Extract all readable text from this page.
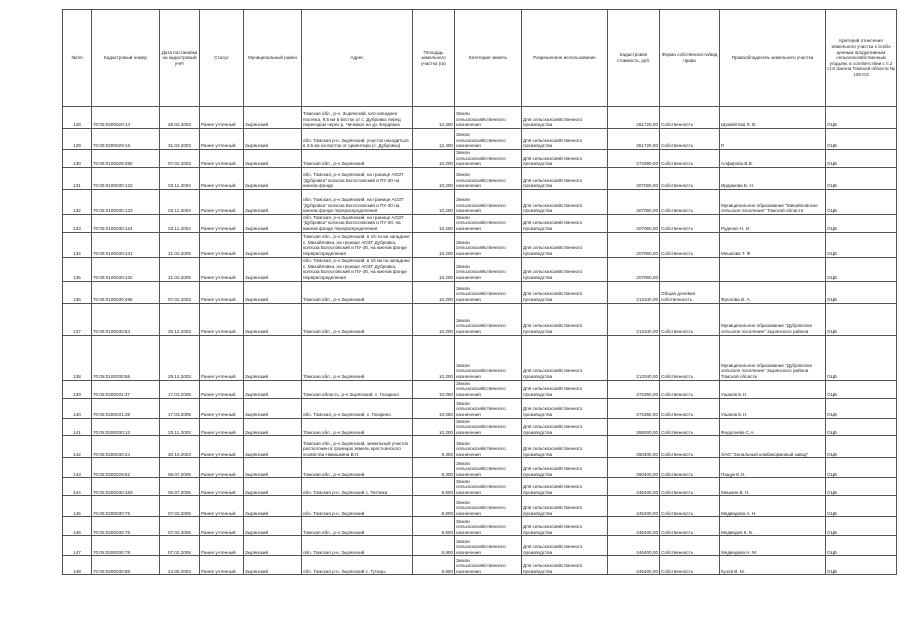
№п/п	Кадастровый номер	Дата постановки на кадастровый учёт	Статус	Муниципальный район	Адрес	Площадь земельного участка (га)	Категория земель	Разрешенное использование	Кадастровая стоимость, руб.	Форма собственности/вид права	Правообладатель земельного участка	Критерий отнесения земельного участка к особо ценным продуктивным сельскохозяйственным угодьям, в соответствии с п.2 ст.8 Закона Томской области № 135-ОЗ
128	70:05:0200020:14	28.02.2003	Ранее учтенный	Зырянский	Томская обл., р-н. Зырянский, юго-западнее поселка, 9,5 км в восток от с. Дубровка перед переездом через р. Чичкаюл на ур. Бердянка	12,400	Земли сельскохозяйственного назначения	Для сельскохозяйственного производства	251720,00	Собственность	Шумейтова Л. В.	ОЦБ
129	70:05:0200029:16	31.03.2003	Ранее учтенный	Зырянский	обл. Томская р-н. Зырянский, участок находиться в 3,5 км на восток от ориентира (с. Дубровка)	12,400	Земли сельскохозяйственного назначения	Для сельскохозяйственного производства	251720,00	Собственность	Р.	ОЦБ
130	70:05:0100028:380	07.02.2003	Ранее учтенный	Зырянский	Томская обл., р-н Зырянский	10,200	Земли сельскохозяйственного назначения	Для сельскохозяйственного производства	273390,00	Собственность	Алфирова В.В.	ОЦБ
131	70:05:0100030:122	02.11.2004	Ранее учтенный	Зырянский	обл. Томская, р-н Зырянский, на границе АОЗТ "Дубровка" колхоза Богословский и ПУ-30 на южном фонде	10,200	Земли сельскохозяйственного назначения	Для сельскохозяйственного производства	207060,00	Собственность	Ирдимова Б. Н.	ОЦБ
132	70:05:0100030:123	02.11.2004	Ранее учтенный	Зырянский	обл. Томская, р-н Зырянский, на границе АОЗТ "Дубровка" колхоза Богословский и ПУ-30 на южном фонде перераспределения	10,200	Земли сельскохозяйственного назначения	Для сельскохозяйственного производства	207060,00	Собственность	Муниципальное образование "Михайловское сельское поселение" Томской области	ОЦБ
133	70:05:0100030:124	02.11.2004	Ранее учтенный	Зырянский	обл. Томская, р-н Зырянский, на границе АОЗТ "Дубровка" колхоза Богословский и ПУ-30, на южном фонде перераспределения	10,200	Земли сельскохозяйственного назначения	Для сельскохозяйственного производства	207060,00	Собственность	Руденко Н. И.	ОЦБ
134	70:05:0100030:131	21.02.2005	Ранее учтенный	Зырянский	Томская обл., р-н Зырянский, в 10-ти км западнее с. Михайловка, на границе АОЗТ Дубровка, колхоза Богословский и ПУ-30, на южном фонде перераспределения	10,200	Земли сельскохозяйственного назначения	Для сельскохозяйственного производства	207060,00	Собственность	Мешкова Т. Ф.	ОЦБ
135	70:05:0100030:132	21.02.2005	Ранее учтенный	Зырянский	обл. Томская, р-н Зырянский, в 10 км на западнее с. Михайловка, на границе АОЗТ Дубровка, колхоза Богословский и ПУ-30, на южном фонде перераспределения	10,200	Земли сельскохозяйственного назначения	Для сельскохозяйственного производства	207060,00			ОЦБ
136	70:05:0100030:466	07.02.2003	Ранее учтенный	Зырянский	Томская обл., р-н Зырянский	10,200	Земли сельскохозяйственного назначения	Для сельскохозяйственного производства	213340,00	Общая долевая собственность	Фролова В. А.	ОЦБ
137	70:05:0100030:54	29.12.2003	Ранее учтенный	Зырянский	Томская обл., р-н Зырянский	10,200	Земли сельскохозяйственного назначения	Для сельскохозяйственного производства	213340,00	Собственность	Муниципальное образование "Дубровское сельское поселение" Зырянского района	ОЦБ
138	70:05:0100030:55	29.12.2003	Ранее учтенный	Зырянский	Томская обл., р-н Зырянский	10,200	Земли сельскохозяйственного назначения	Для сельскохозяйственного производства	213340,00	Собственность	Муниципальное образование "Дубровское сельское поселение" Зырянского района Томской области	ОЦБ
139	70:05:0200031:37	17.03.2005	Ранее учтенный	Зырянский	Томская область, р-н Зырянский, с. Гагарино	10,050	Земли сельскохозяйственного назначения	Для сельскохозяйственного производства	273360,00	Собственность	Ушаков Е.Н.	ОЦБ
140	70:05:0200031:38	17.03.2005	Ранее учтенный	Зырянский	обл. Томская, р-н Зырянский, с. Гагарино	10,050	Земли сельскохозяйственного назначения	Для сельскохозяйственного производства	273360,00	Собственность	Ушаков Е.Н.	ОЦБ
141	70:05:0200030:12	20.11.2003	Ранее учтенный	Зырянский	Томская обл., р-н Зырянский	10,200	Земли сельскохозяйственного назначения	Для сельскохозяйственного производства	286000,00	Собственность	Федосеева С.А.	ОЦБ
142	70:05:0200030:24	30.10.2003	Ранее учтенный	Зырянский	Томская обл., р-н Зырянский, земельный участок расположен в границах земель крестьянского хозяйства Никишкина В.Н.	9,300	Земли сельскохозяйственного назначения	Для сельскохозяйственного производства	260400,00	Собственность	ОАО "Зональный комбикормовый завод"	ОЦБ
143	70:05:0200029:62	06.07.2005	Ранее учтенный	Зырянский	Томская обл., р-н Зырянский	9,300	Земли сельскохозяйственного назначения	Для сельскохозяйственного производства	260400,00	Собственность	Пащук Е.Н.	ОЦБ
144	70:05:0200030:163	05.07.2005	Ранее учтенный	Зырянский	обл. Томская р-н. Зырянский с. Титовка	8,800	Земли сельскохозяйственного назначения	Для сельскохозяйственного производства	246400,00	Собственность	Мишкин В. Н.	ОЦБ
145	70:05:0200030:75	07.02.2006	Ранее учтенный	Зырянский	обл. Томская р-н. Зырянский	8,800	Земли сельскохозяйственного назначения	Для сельскохозяйственного производства	246400,00	Собственность	Медведева А. Н.	ОЦБ
146	70:05:0200030:76	07.02.2006	Ранее учтенный	Зырянский	Томская обл., р-н Зырянский	8,800	Земли сельскохозяйственного назначения	Для сельскохозяйственного производства	246400,00	Собственность	Медведев К. Б.	ОЦБ
147	70:05:0200030:78	07.02.2006	Ранее учтенный	Зырянский	обл. Томская р-н. Зырянский	8,800	Земли сельскохозяйственного назначения	Для сельскохозяйственного производства	246400,00	Собственность	Медведева Н. М.	ОЦБ
148	70:05:0200030:86	24.05.2004	Ранее учтенный	Зырянский	обл. Томская р-н. Зырянский с. Гутицы	8,800	Земли сельскохозяйственного назначения	Для сельскохозяйственного производства	246400,00	Собственность	Кузов В. М.	ОЦБ
